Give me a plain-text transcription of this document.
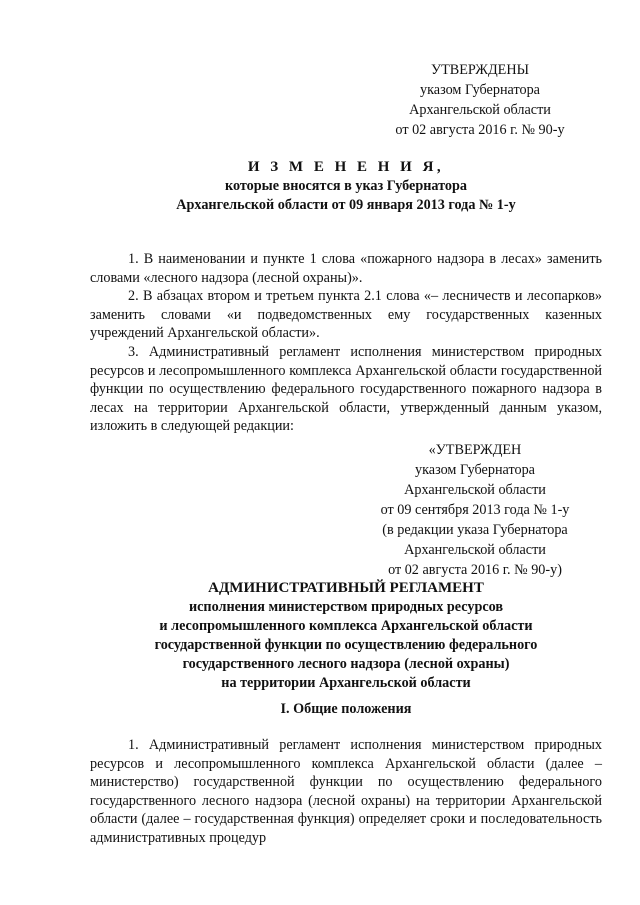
УТВЕРЖДЕНЫ
указом Губернатора
Архангельской области
от 02 августа 2016 г. № 90-у
И З М Е Н Е Н И Я,
которые вносятся в указ Губернатора
Архангельской области от 09 января 2013 года № 1-у

1. В наименовании и пункте 1 слова «пожарного надзора в лесах» заменить словами «лесного надзора (лесной охраны)».

2. В абзацах втором и третьем пункта 2.1 слова «– лесничеств и лесопарков» заменить словами «и подведомственных ему государственных казенных учреждений Архангельской области».

3. Административный регламент исполнения министерством природных ресурсов и лесопромышленного комплекса Архангельской области государственной функции по осуществлению федерального государственного пожарного надзора в лесах на территории Архангельской области, утвержденный данным указом, изложить в следующей редакции:

«УТВЕРЖДЕН
указом Губернатора
Архангельской области
от 09 сентября 2013 года № 1-у
(в редакции указа Губернатора
Архангельской области
от 02 августа 2016 г. № 90-у)
АДМИНИСТРАТИВНЫЙ РЕГЛАМЕНТ
исполнения министерством природных ресурсов
и лесопромышленного комплекса Архангельской области
государственной функции по осуществлению федерального
государственного лесного надзора (лесной охраны)
на территории Архангельской области
I. Общие положения

1. Административный регламент исполнения министерством природных ресурсов и лесопромышленного комплекса Архангельской области (далее – министерство) государственной функции по осуществлению федерального государственного лесного надзора (лесной охраны) на территории Архангельской области (далее – государственная функция) определяет сроки и последовательность административных процедур
